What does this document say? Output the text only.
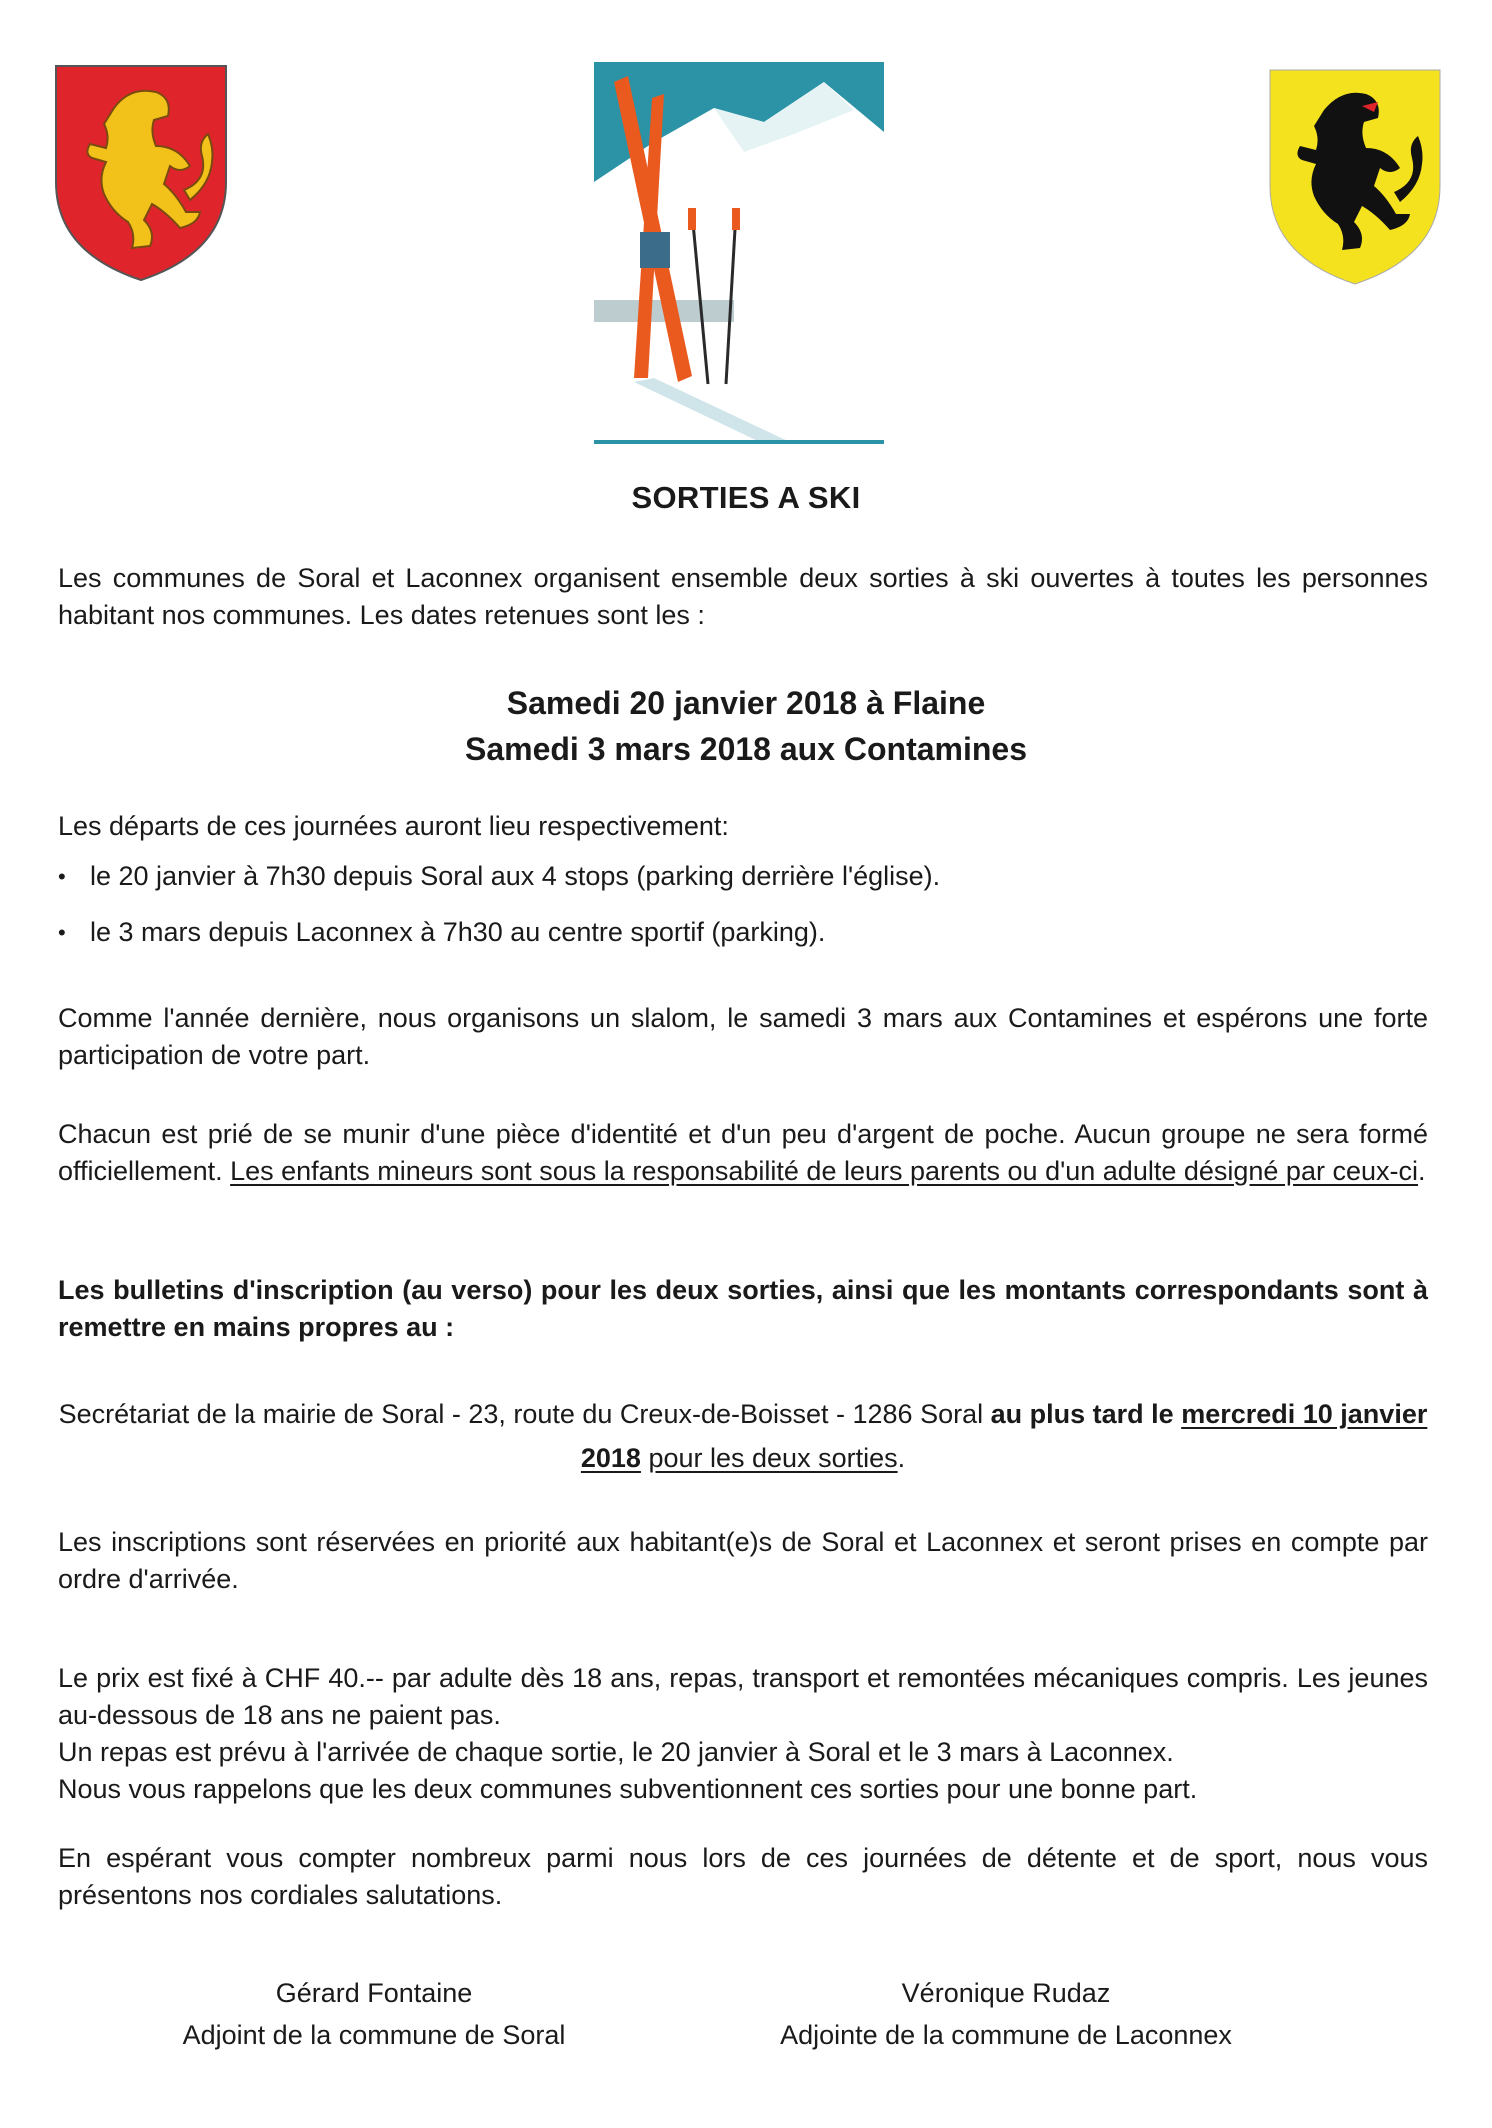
SORTIES A SKI
Les communes de Soral et Laconnex organisent ensemble deux sorties à ski ouvertes à toutes les personnes habitant nos communes. Les dates retenues sont les :
Samedi 20 janvier 2018 à Flaine
Samedi 3 mars 2018 aux Contamines
Les départs de ces journées auront lieu respectivement:
• le 20 janvier à 7h30 depuis Soral aux 4 stops (parking derrière l'église).
• le 3 mars depuis Laconnex à 7h30 au centre sportif (parking).
Comme l'année dernière, nous organisons un slalom, le samedi 3 mars aux Contamines et espérons une forte participation de votre part.
Chacun est prié de se munir d'une pièce d'identité et d'un peu d'argent de poche. Aucun groupe ne sera formé officiellement. Les enfants mineurs sont sous la responsabilité de leurs parents ou d'un adulte désigné par ceux-ci.
Les bulletins d'inscription (au verso) pour les deux sorties, ainsi que les montants correspondants sont à remettre en mains propres au :
Secrétariat de la mairie de Soral - 23, route du Creux-de-Boisset - 1286 Soral au plus tard le mercredi 10 janvier 2018 pour les deux sorties.
Les inscriptions sont réservées en priorité aux habitant(e)s de Soral et Laconnex et seront prises en compte par ordre d'arrivée.
Le prix est fixé à CHF 40.-- par adulte dès 18 ans, repas, transport et remontées mécaniques compris. Les jeunes au-dessous de 18 ans ne paient pas.
Un repas est prévu à l'arrivée de chaque sortie, le 20 janvier à Soral et le 3 mars à Laconnex.
Nous vous rappelons que les deux communes subventionnent ces sorties pour une bonne part.
En espérant vous compter nombreux parmi nous lors de ces journées de détente et de sport, nous vous présentons nos cordiales salutations.
Gérard Fontaine
Adjoint de la commune de Soral
Véronique Rudaz
Adjointe de la commune de Laconnex
